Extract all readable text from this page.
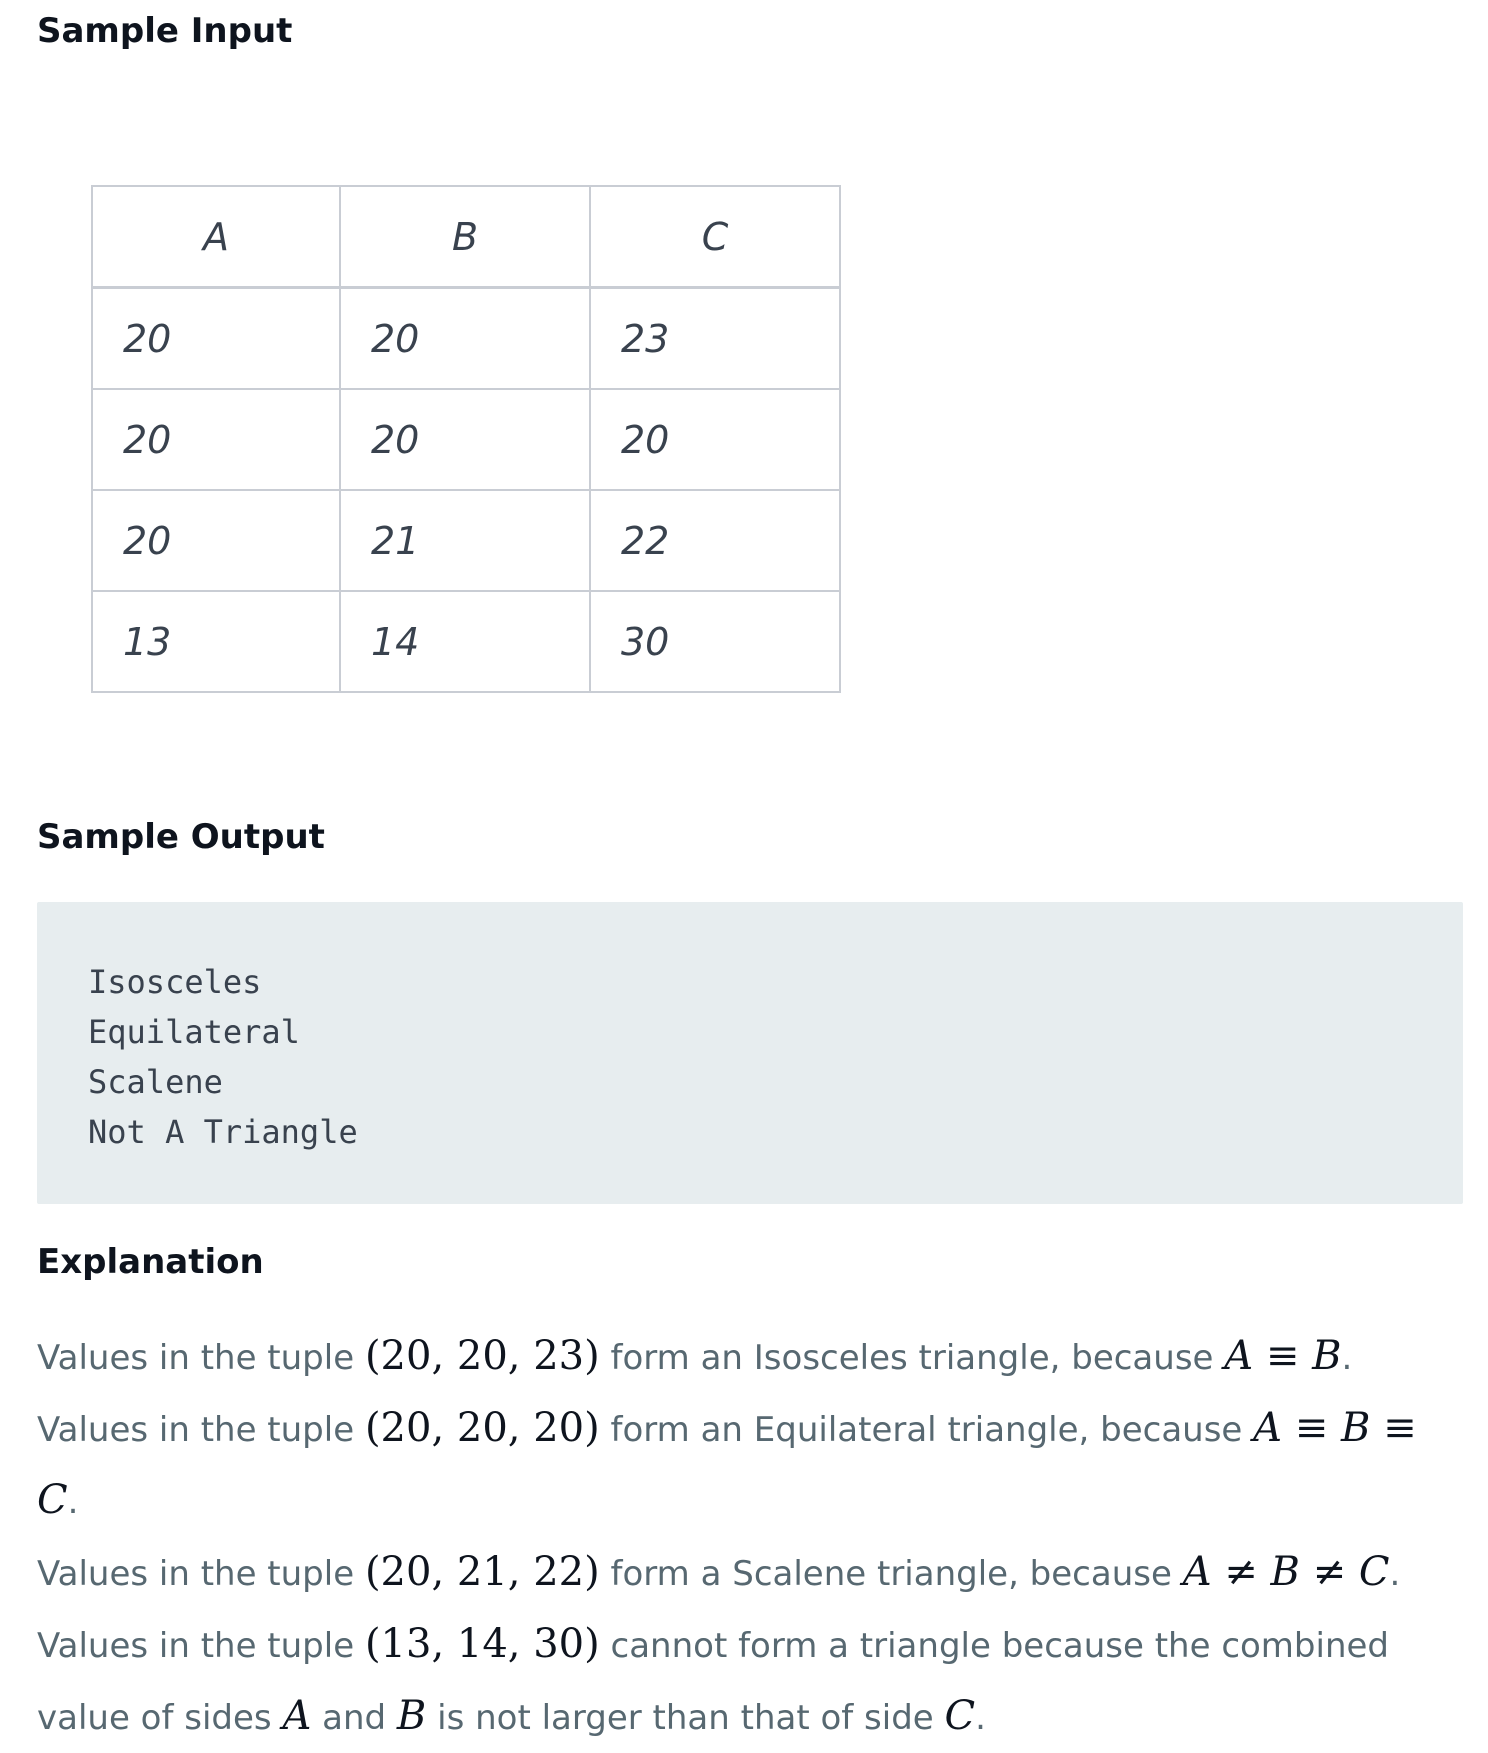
Sample Input
A	B	C
20	20	23
20	20	20
20	21	22
13	14	30
Sample Output
Isosceles
Equilateral
Scalene
Not A Triangle
Explanation

Values in the tuple (20, 20, 23) form an Isosceles triangle, because A ≡ B.

Values in the tuple (20, 20, 20) form an Equilateral triangle, because A ≡ B ≡ C.

Values in the tuple (20, 21, 22) form a Scalene triangle, because A ≠ B ≠ C.

Values in the tuple (13, 14, 30) cannot form a triangle because the combined value of sides A and B is not larger than that of side C.
